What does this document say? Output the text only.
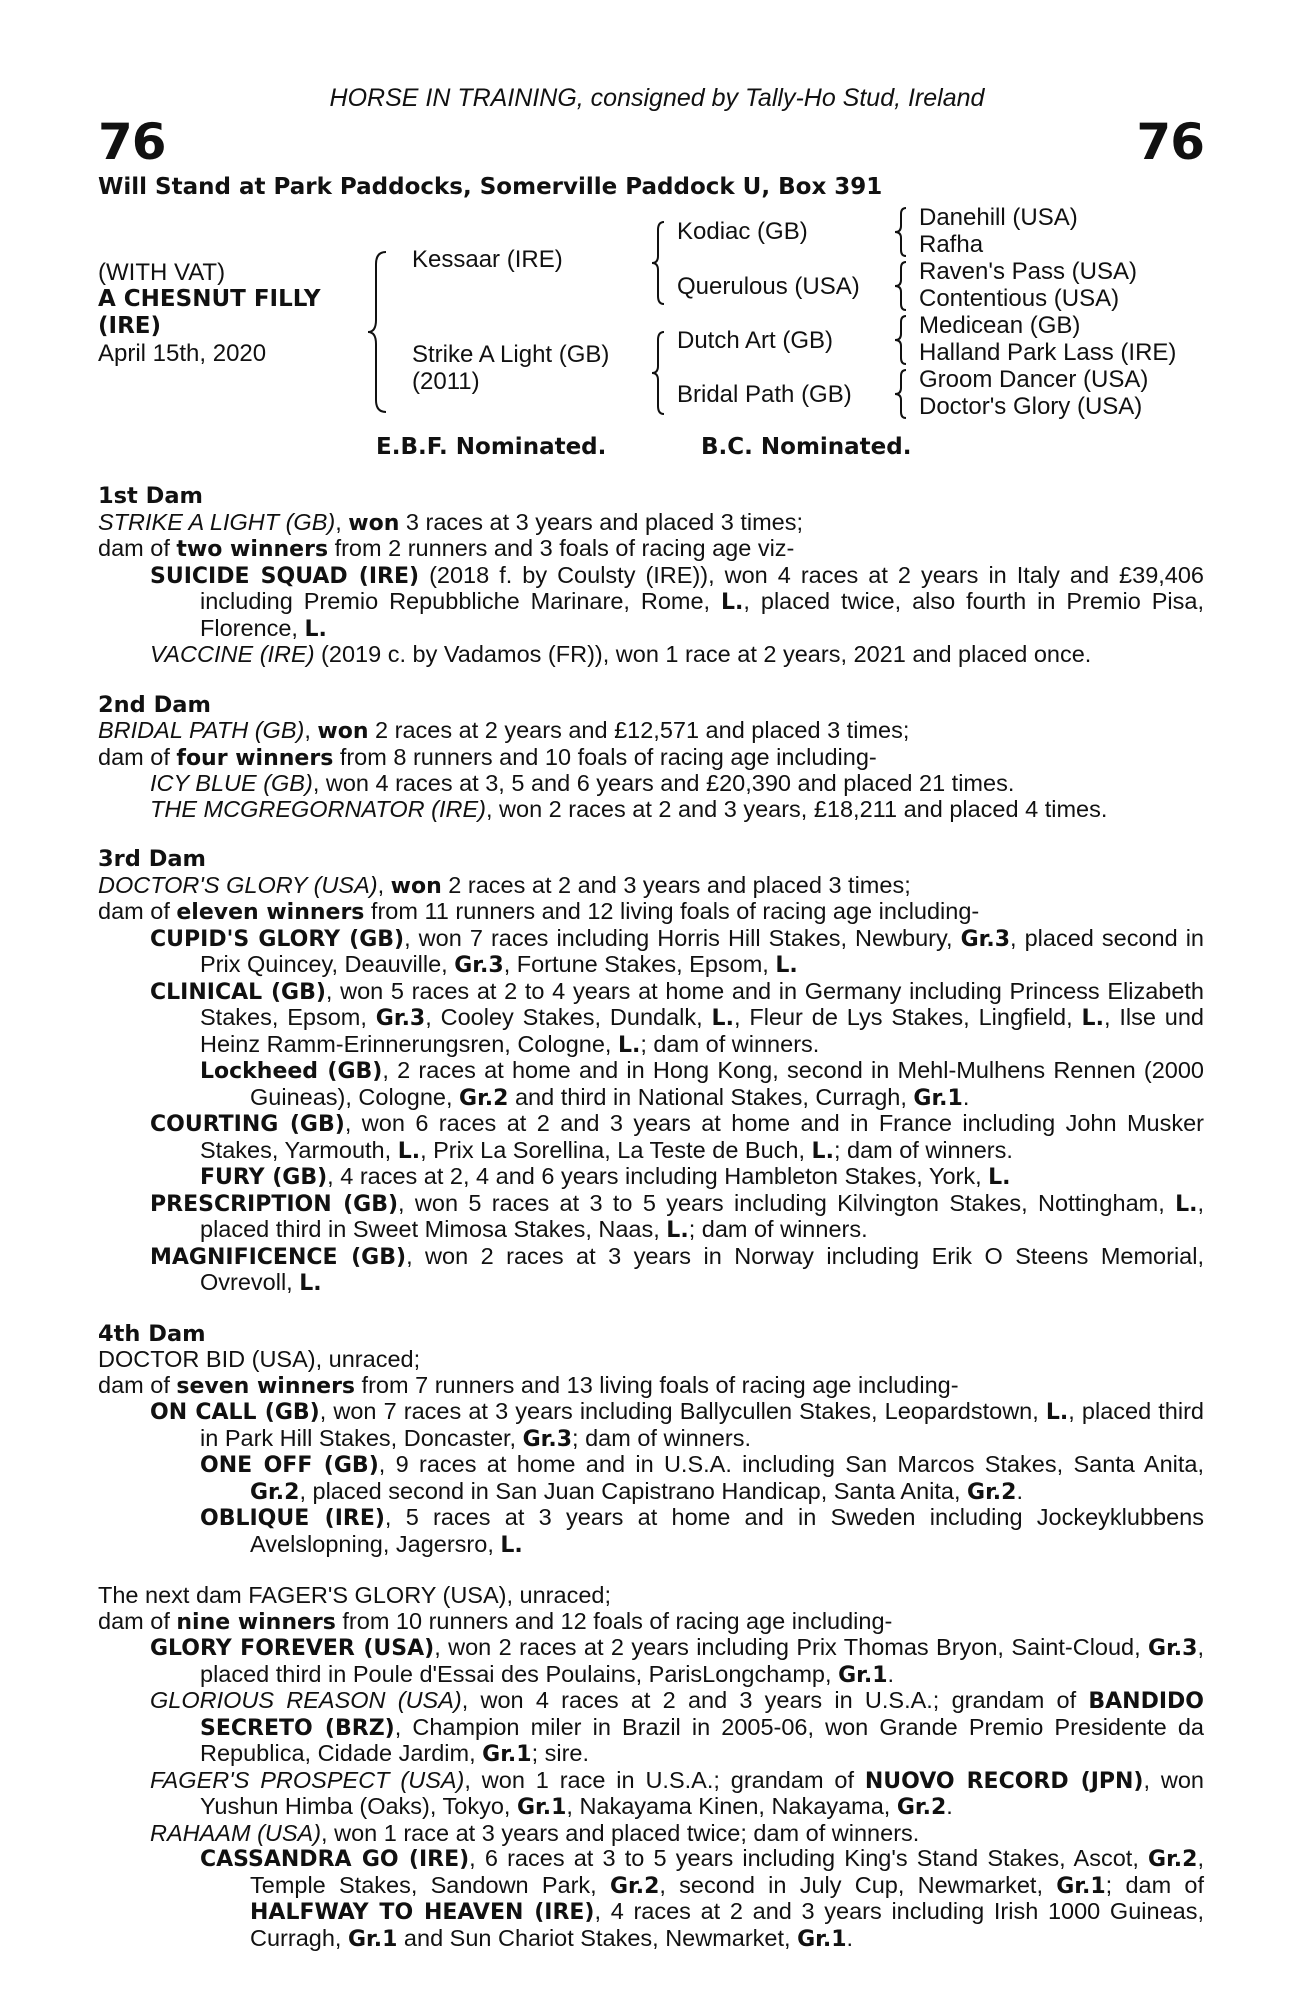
HORSE IN TRAINING, consigned by Tally-Ho Stud, Ireland
76	76
Will Stand at Park Paddocks, Somerville Paddock U, Box 391
(WITH VAT)
A CHESNUT FILLY
(IRE)
April 15th, 2020
Kessaar (IRE)
Strike A Light (GB)
(2011)
Kodiac (GB)
Querulous (USA)
Dutch Art (GB)
Bridal Path (GB)
Danehill (USA)
Rafha
Raven's Pass (USA)
Contentious (USA)
Medicean (GB)
Halland Park Lass (IRE)
Groom Dancer (USA)
Doctor's Glory (USA)
E.B.F. Nominated.	B.C. Nominated.

1st Dam

STRIKE A LIGHT (GB), won 3 races at 3 years and placed 3 times;

dam of two winners from 2 runners and 3 foals of racing age viz-

SUICIDE SQUAD (IRE) (2018 f. by Coulsty (IRE)), won 4 races at 2 years in Italy and £39,406 including Premio Repubbliche Marinare, Rome, L., placed twice, also fourth in Premio Pisa, Florence, L.

VACCINE (IRE) (2019 c. by Vadamos (FR)), won 1 race at 2 years, 2021 and placed once.

2nd Dam

BRIDAL PATH (GB), won 2 races at 2 years and £12,571 and placed 3 times;

dam of four winners from 8 runners and 10 foals of racing age including-

ICY BLUE (GB), won 4 races at 3, 5 and 6 years and £20,390 and placed 21 times.

THE MCGREGORNATOR (IRE), won 2 races at 2 and 3 years, £18,211 and placed 4 times.

3rd Dam

DOCTOR'S GLORY (USA), won 2 races at 2 and 3 years and placed 3 times;

dam of eleven winners from 11 runners and 12 living foals of racing age including-

CUPID'S GLORY (GB), won 7 races including Horris Hill Stakes, Newbury, Gr.3, placed second in Prix Quincey, Deauville, Gr.3, Fortune Stakes, Epsom, L.

CLINICAL (GB), won 5 races at 2 to 4 years at home and in Germany including Princess Elizabeth Stakes, Epsom, Gr.3, Cooley Stakes, Dundalk, L., Fleur de Lys Stakes, Lingfield, L., Ilse und Heinz Ramm-Erinnerungsren, Cologne, L.; dam of winners.

Lockheed (GB), 2 races at home and in Hong Kong, second in Mehl-Mulhens Rennen (2000 Guineas), Cologne, Gr.2 and third in National Stakes, Curragh, Gr.1.

COURTING (GB), won 6 races at 2 and 3 years at home and in France including John Musker Stakes, Yarmouth, L., Prix La Sorellina, La Teste de Buch, L.; dam of winners.

FURY (GB), 4 races at 2, 4 and 6 years including Hambleton Stakes, York, L.

PRESCRIPTION (GB), won 5 races at 3 to 5 years including Kilvington Stakes, Nottingham, L., placed third in Sweet Mimosa Stakes, Naas, L.; dam of winners.

MAGNIFICENCE (GB), won 2 races at 3 years in Norway including Erik O Steens Memorial, Ovrevoll, L.

4th Dam

DOCTOR BID (USA), unraced;

dam of seven winners from 7 runners and 13 living foals of racing age including-

ON CALL (GB), won 7 races at 3 years including Ballycullen Stakes, Leopardstown, L., placed third in Park Hill Stakes, Doncaster, Gr.3; dam of winners.

ONE OFF (GB), 9 races at home and in U.S.A. including San Marcos Stakes, Santa Anita, Gr.2, placed second in San Juan Capistrano Handicap, Santa Anita, Gr.2.

OBLIQUE (IRE), 5 races at 3 years at home and in Sweden including Jockeyklubbens Avelslopning, Jagersro, L.

The next dam FAGER'S GLORY (USA), unraced;

dam of nine winners from 10 runners and 12 foals of racing age including-

GLORY FOREVER (USA), won 2 races at 2 years including Prix Thomas Bryon, Saint-Cloud, Gr.3, placed third in Poule d'Essai des Poulains, ParisLongchamp, Gr.1.

GLORIOUS REASON (USA), won 4 races at 2 and 3 years in U.S.A.; grandam of BANDIDO SECRETO (BRZ), Champion miler in Brazil in 2005-06, won Grande Premio Presidente da Republica, Cidade Jardim, Gr.1; sire.

FAGER'S PROSPECT (USA), won 1 race in U.S.A.; grandam of NUOVO RECORD (JPN), won Yushun Himba (Oaks), Tokyo, Gr.1, Nakayama Kinen, Nakayama, Gr.2.

RAHAAM (USA), won 1 race at 3 years and placed twice; dam of winners.

CASSANDRA GO (IRE), 6 races at 3 to 5 years including King's Stand Stakes, Ascot, Gr.2, Temple Stakes, Sandown Park, Gr.2, second in July Cup, Newmarket, Gr.1; dam of HALFWAY TO HEAVEN (IRE), 4 races at 2 and 3 years including Irish 1000 Guineas, Curragh, Gr.1 and Sun Chariot Stakes, Newmarket, Gr.1.
